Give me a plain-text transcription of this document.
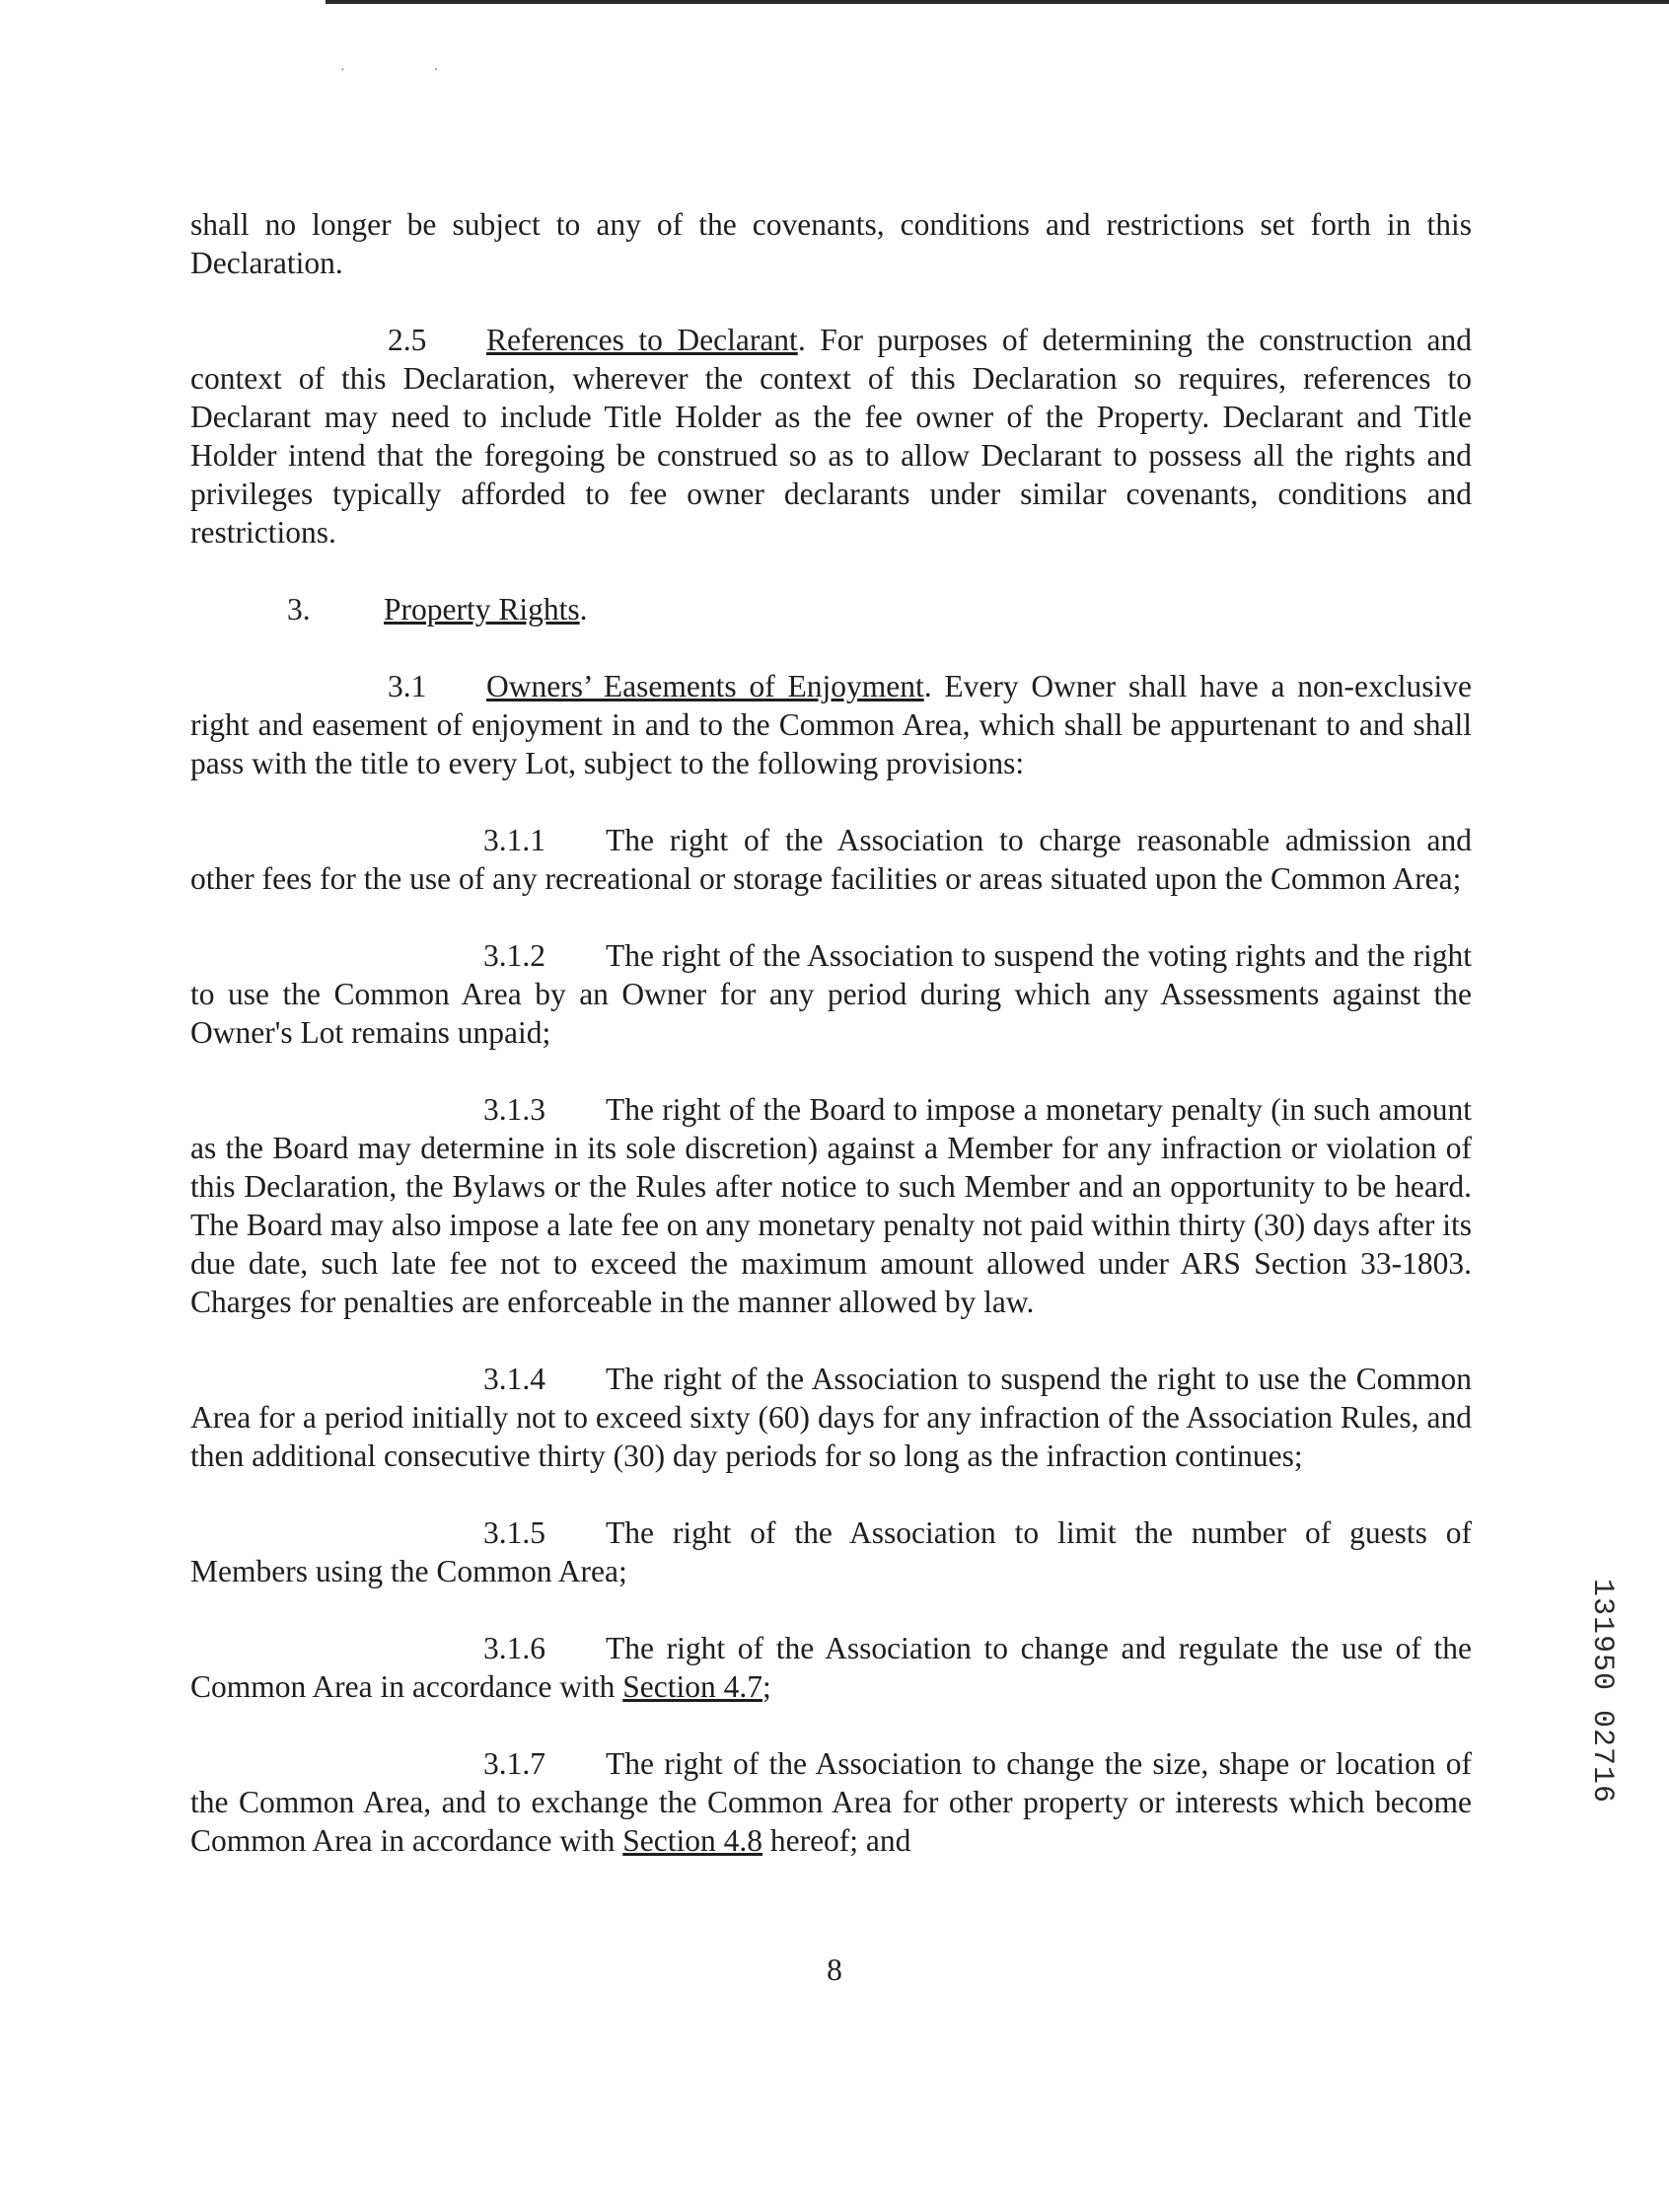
·	·

shall no longer be subject to any of the covenants, conditions and restrictions set forth in this Declaration.

2.5 References to Declarant. For purposes of determining the construction and context of this Declaration, wherever the context of this Declaration so requires, references to Declarant may need to include Title Holder as the fee owner of the Property. Declarant and Title Holder intend that the foregoing be construed so as to allow Declarant to possess all the rights and privileges typically afforded to fee owner declarants under similar covenants, conditions and restrictions.

3. Property Rights.

3.1 Owners’ Easements of Enjoyment. Every Owner shall have a non-exclusive right and easement of enjoyment in and to the Common Area, which shall be appurtenant to and shall pass with the title to every Lot, subject to the following provisions:

3.1.1 The right of the Association to charge reasonable admission and other fees for the use of any recreational or storage facilities or areas situated upon the Common Area;

3.1.2 The right of the Association to suspend the voting rights and the right to use the Common Area by an Owner for any period during which any Assessments against the Owner's Lot remains unpaid;

3.1.3 The right of the Board to impose a monetary penalty (in such amount as the Board may determine in its sole discretion) against a Member for any infraction or violation of this Declaration, the Bylaws or the Rules after notice to such Member and an opportunity to be heard. The Board may also impose a late fee on any monetary penalty not paid within thirty (30) days after its due date, such late fee not to exceed the maximum amount allowed under ARS Section 33-1803. Charges for penalties are enforceable in the manner allowed by law.

3.1.4 The right of the Association to suspend the right to use the Common Area for a period initially not to exceed sixty (60) days for any infraction of the Association Rules, and then additional consecutive thirty (30) day periods for so long as the infraction continues;

3.1.5 The right of the Association to limit the number of guests of Members using the Common Area;

3.1.6 The right of the Association to change and regulate the use of the Common Area in accordance with Section 4.7;

3.1.7 The right of the Association to change the size, shape or location of the Common Area, and to exchange the Common Area for other property or interests which become Common Area in accordance with Section 4.8 hereof; and

8
131950 02716
